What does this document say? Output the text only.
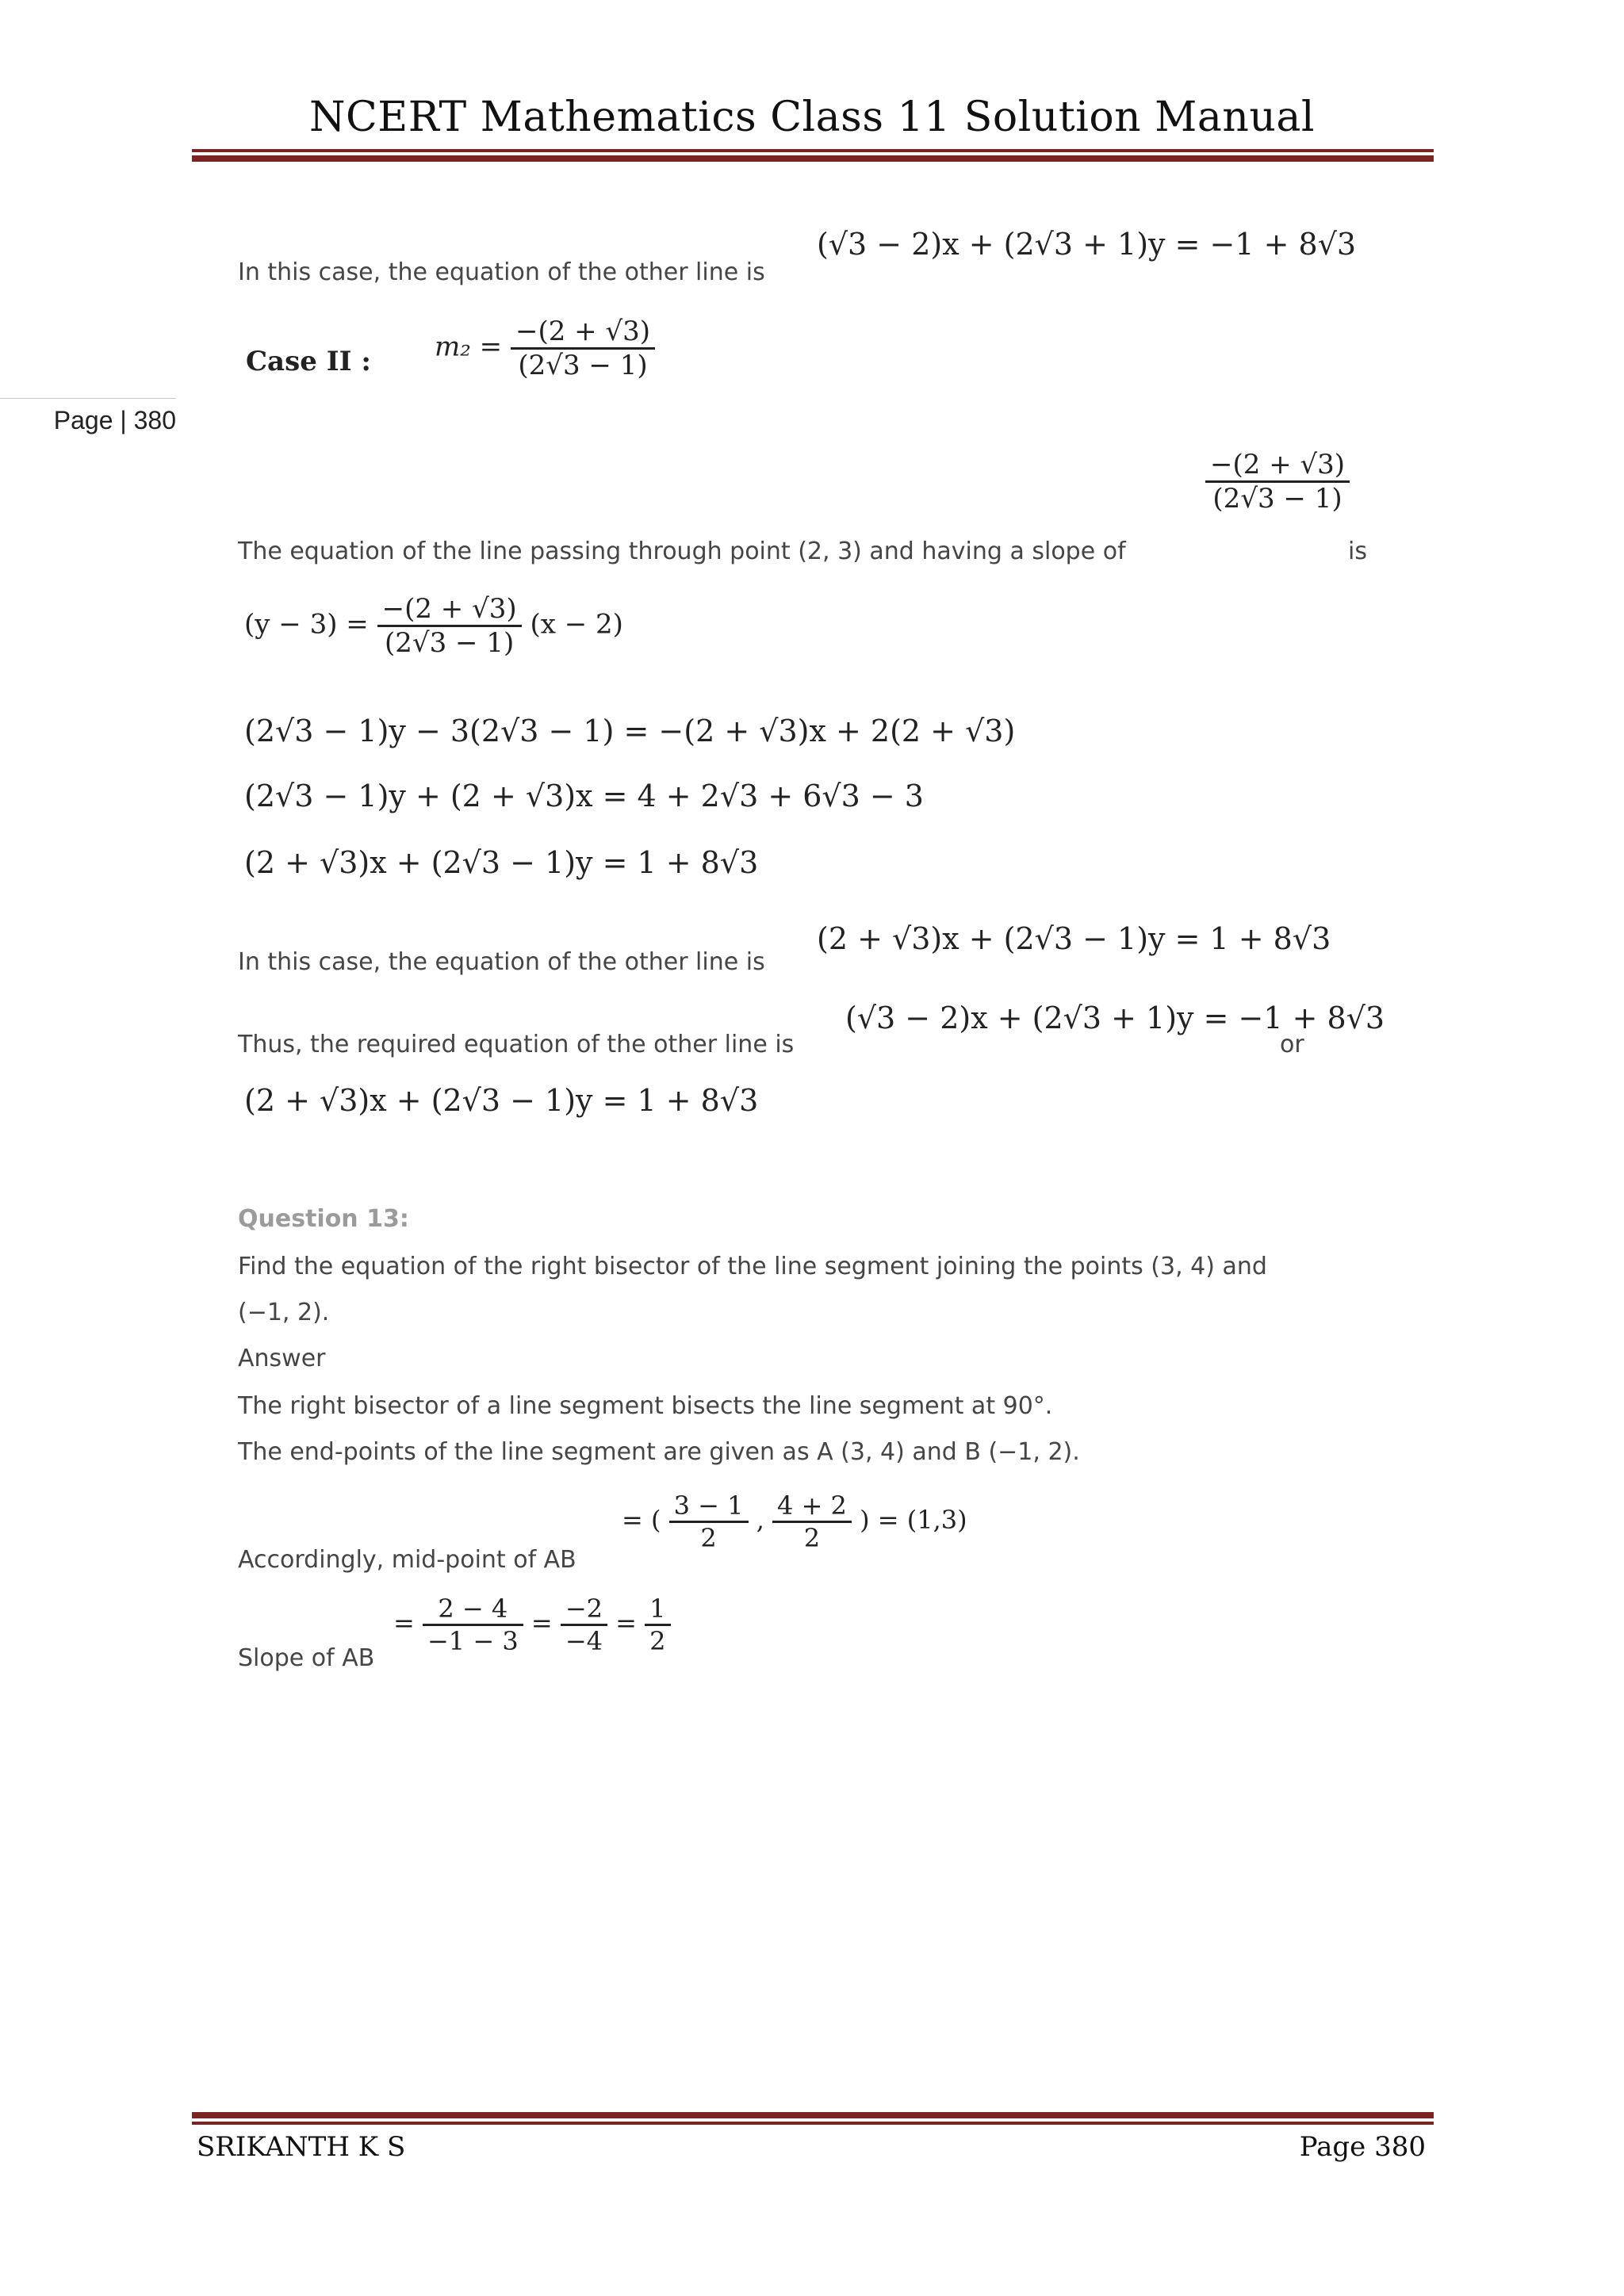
NCERT Mathematics Class 11 Solution Manual
Page | 380
In this case, the equation of the other line is
(√3 − 2)x + (2√3 + 1)y = −1 + 8√3
Case II : $m_2 = \frac{-(2 + √3)}{(2√3 - 1)}$
The equation of the line passing through point (2, 3) and having a slope of
$\frac{-(2 + √3)}{(2√3 - 1)}$
is
$(y - 3) = \frac{-(2 + √3)}{(2√3 - 1)} (x - 2)$
(2√3 − 1)y − 3(2√3 − 1) = −(2 + √3)x + 2(2 + √3)
(2√3 − 1)y + (2 + √3)x = 4 + 2√3 + 6√3 − 3
(2 + √3)x + (2√3 − 1)y = 1 + 8√3
In this case, the equation of the other line is
(2 + √3)x + (2√3 − 1)y = 1 + 8√3
Thus, the required equation of the other line is
(√3 − 2)x + (2√3 + 1)y = −1 + 8√3
or
(2 + √3)x + (2√3 − 1)y = 1 + 8√3
Question 13:
Find the equation of the right bisector of the line segment joining the points (3, 4) and
(−1, 2).
Answer
The right bisector of a line segment bisects the line segment at 90°.
The end-points of the line segment are given as A (3, 4) and B (−1, 2).
Accordingly, mid-point of AB
= ( $\frac{3 - 1}{2}$ , $\frac{4 + 2}{2}$ ) = (1,3)
Slope of AB
= $\frac{2 - 4}{-1 - 3} = \frac{-2}{-4} = \frac{1}{2}$
SRIKANTH K S	Page 380
